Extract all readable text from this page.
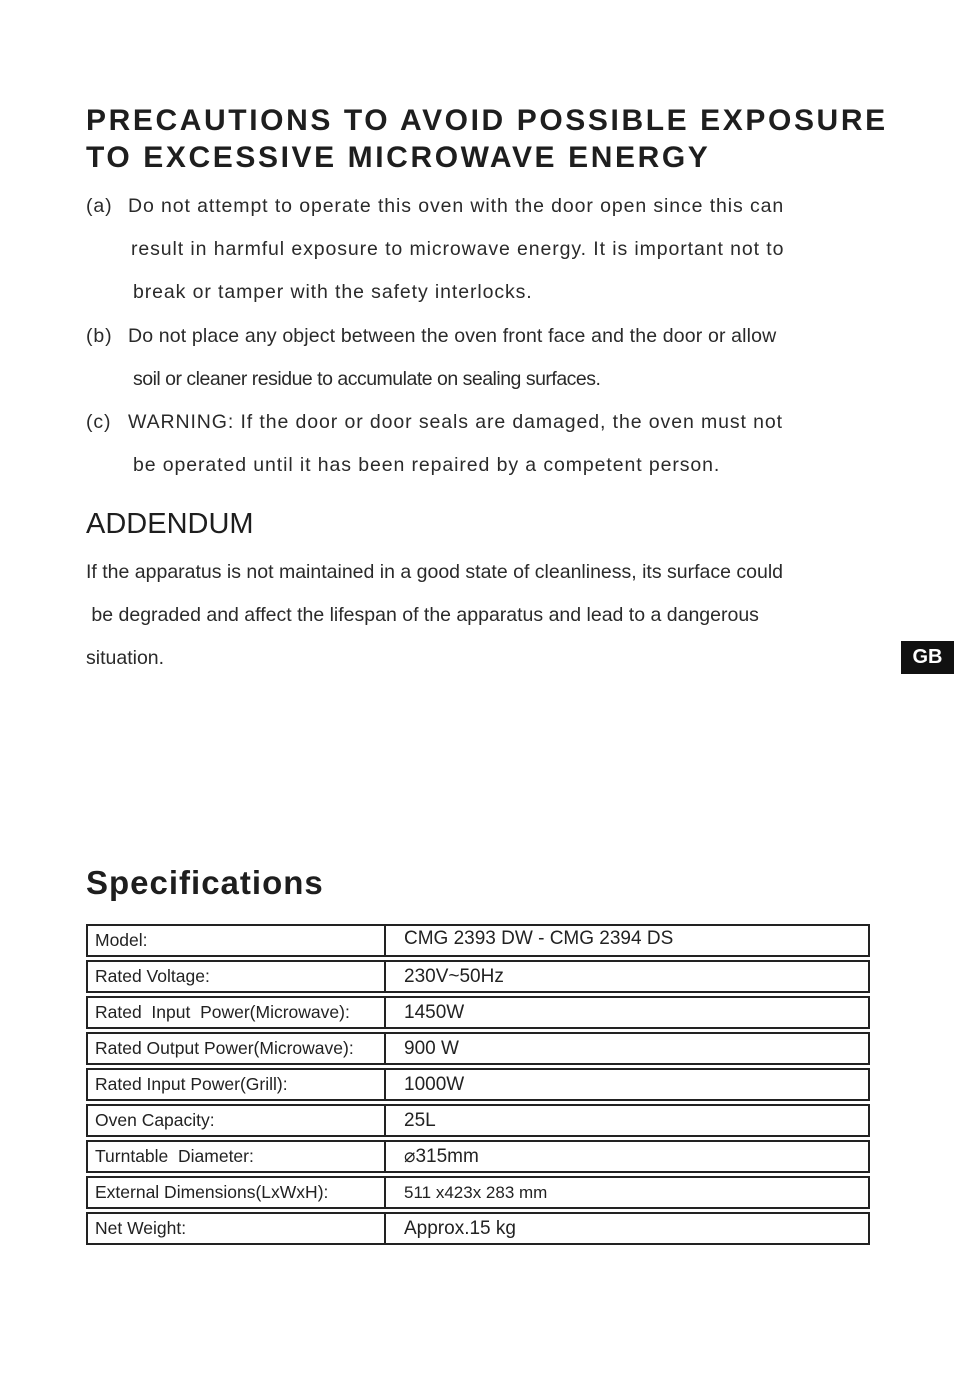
PRECAUTIONS TO AVOID POSSIBLE EXPOSURE
TO EXCESSIVE MICROWAVE ENERGY
(a) Do not attempt to operate this oven with the door open since this can
result in harmful exposure to microwave energy. It is important not to
break or tamper with the safety interlocks.
(b) Do not place any object between the oven front face and the door or allow
soil or cleaner residue to accumulate on sealing surfaces.
(c) WARNING: If the door or door seals are damaged, the oven must not
be operated until it has been repaired by a competent person.
ADDENDUM
If the apparatus is not maintained in a good state of cleanliness, its surface could
be degraded and affect the lifespan of the apparatus and lead to a dangerous
situation.	GB
Specifications
Model:	CMG 2393 DW - CMG 2394 DS
Rated Voltage:	230V~50Hz
Rated  Input  Power(Microwave):	1450W
Rated Output Power(Microwave):	900 W
Rated Input Power(Grill):	1000W
Oven Capacity:	25L
Turntable  Diameter:	⌀315mm
External Dimensions(LxWxH):	511 x423x 283 mm
Net Weight:	Approx.15 kg
